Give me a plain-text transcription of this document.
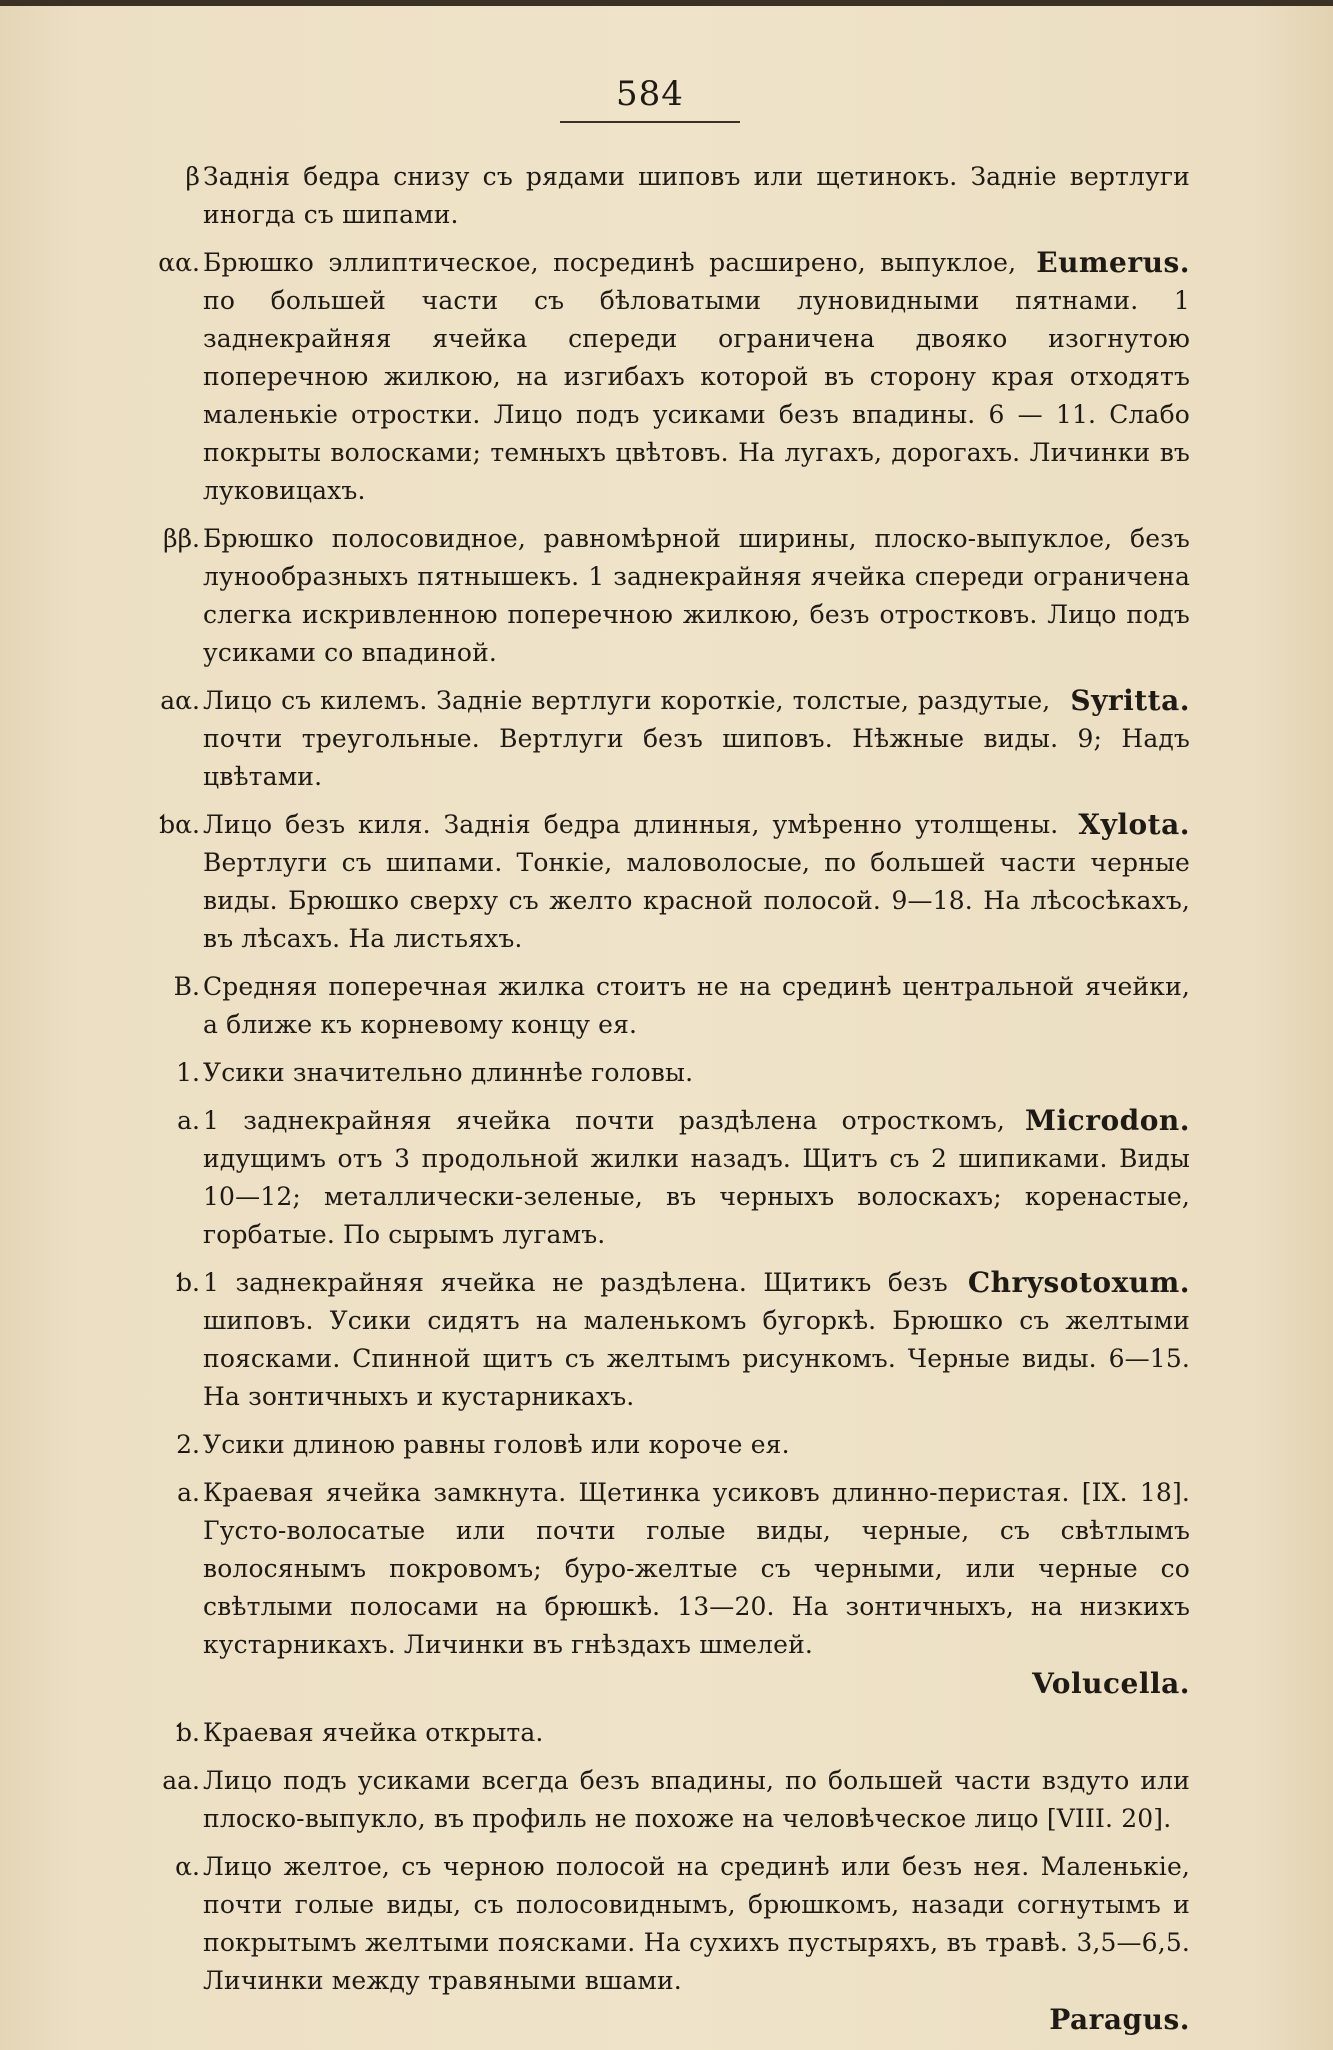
584
β Заднія бедра снизу съ рядами шиповъ или щетинокъ. Задніе вертлуги иногда съ шипами.
αα.	Eumerus.
Брюшко эллиптическое, посрединѣ расширено, выпуклое, по большей части съ бѣловатыми луновидными пятнами. 1 заднекрайняя ячейка спереди ограничена двояко изогнутою поперечною жилкою, на изгибахъ которой въ сторону края отходятъ маленькіе отростки. Лицо подъ усиками безъ впадины. 6 — 11. Слабо покрыты волосками; темныхъ цвѣтовъ. На лугахъ, дорогахъ. Личинки въ луковицахъ.
ββ. Брюшко полосовидное, равномѣрной ширины, плоско-выпуклое, безъ лунообразныхъ пятнышекъ. 1 заднекрайняя ячейка спереди ограничена слегка искривленною поперечною жилкою, безъ отростковъ. Лицо подъ усиками со впадиной.
aα.	Syritta.
Лицо съ килемъ. Задніе вертлуги короткіе, толстые, раздутые, почти треугольные. Вертлуги безъ шиповъ. Нѣжные виды. 9; Надъ цвѣтами.
ƅα.	Xylota.
Лицо безъ киля. Заднія бедра длинныя, умѣренно утолщены. Вертлуги съ шипами. Тонкіе, маловолосые, по большей части черные виды. Брюшко сверху съ желто красной полосой. 9—18. На лѣсосѣкахъ, въ лѣсахъ. На листьяхъ.
B. Средняя поперечная жилка стоитъ не на срединѣ центральной ячейки, а ближе къ корневому концу ея.
1. Усики значительно длиннѣе головы.
a.	Microdon.
1 заднекрайняя ячейка почти раздѣлена отросткомъ, идущимъ отъ 3 продольной жилки назадъ. Щитъ съ 2 шипиками. Виды 10—12; металлически-зеленые, въ черныхъ волоскахъ; коренастые, горбатые. По сырымъ лугамъ.
ƅ.	Chrysotoxum.
1 заднекрайняя ячейка не раздѣлена. Щитикъ безъ шиповъ. Усики сидятъ на маленькомъ бугоркѣ. Брюшко съ желтыми поясками. Спинной щитъ съ желтымъ рисункомъ. Черные виды. 6—15. На зонтичныхъ и кустарникахъ.
2. Усики длиною равны головѣ или короче ея.
a. Краевая ячейка замкнута. Щетинка усиковъ длинно-перистая. [IX. 18]. Густо-волосатые или почти голые виды, черные, съ свѣтлымъ волосянымъ покровомъ; буро-желтые съ черными, или черные со свѣтлыми полосами на брюшкѣ. 13—20. На зонтичныхъ, на низкихъ кустарникахъ. Личинки въ гнѣздахъ шмелей.
Volucella.
ƅ. Краевая ячейка открыта.
aa. Лицо подъ усиками всегда безъ впадины, по большей части вздуто или плоско-выпукло, въ профиль не похоже на человѣческое лицо [VIII. 20].
α. Лицо желтое, съ черною полосой на срединѣ или безъ нея. Маленькіе, почти голые виды, съ полосовиднымъ, брюшкомъ, назади согнутымъ и покрытымъ желтыми поясками. На сухихъ пустыряхъ, въ травѣ. 3,5—6,5. Личинки между травяными вшами.
Paragus.
